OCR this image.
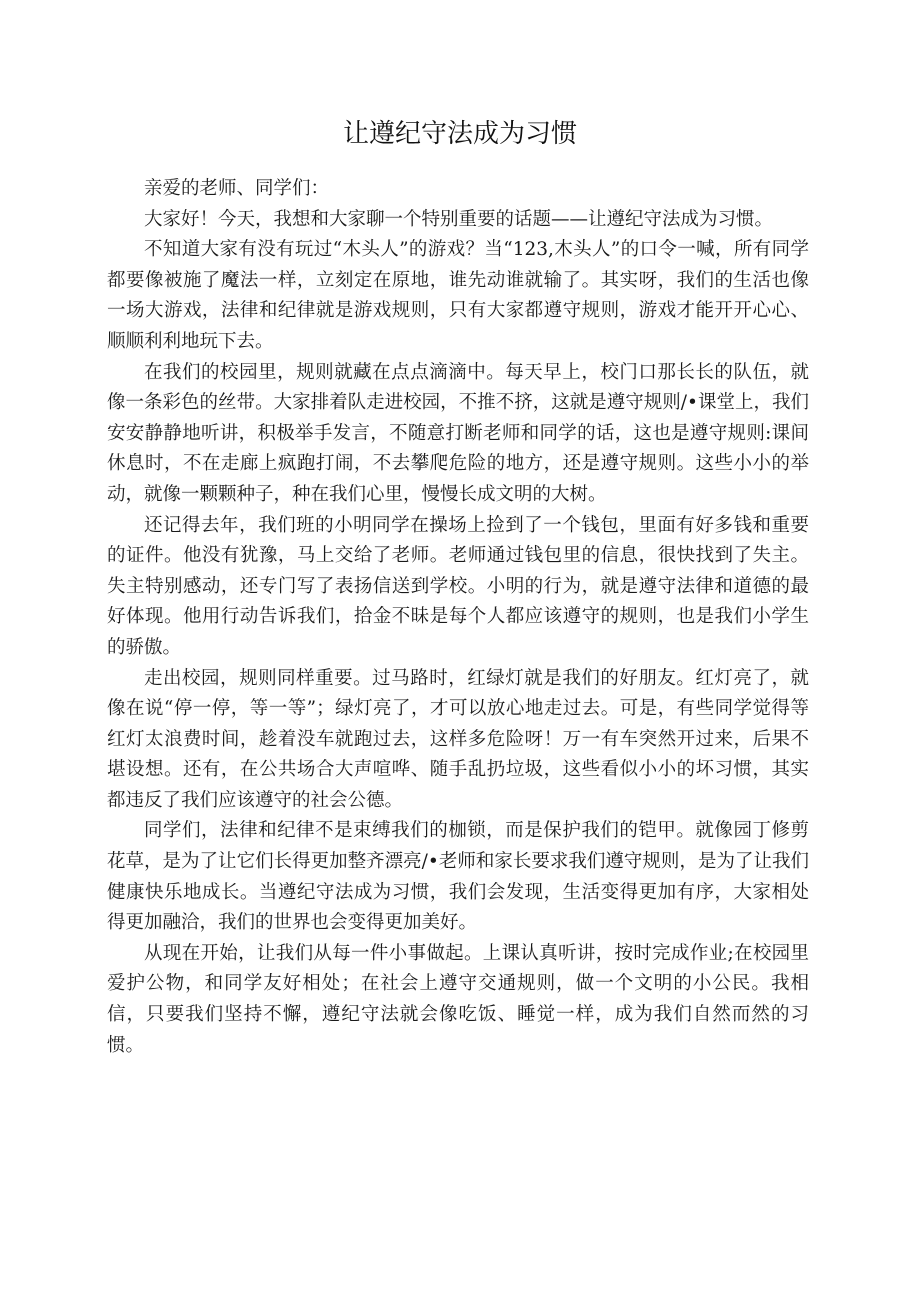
让遵纪守法成为习惯

亲爱的老师、同学们：

大家好！今天，我想和大家聊一个特别重要的话题——让遵纪守法成为习惯。

不知道大家有没有玩过“木头人”的游戏？当“123,木头人”的口令一喊，所有同学都要像被施了魔法一样，立刻定在原地，谁先动谁就输了。其实呀，我们的生活也像一场大游戏，法律和纪律就是游戏规则，只有大家都遵守规则，游戏才能开开心心、顺顺利利地玩下去。

在我们的校园里，规则就藏在点点滴滴中。每天早上，校门口那长长的队伍，就像一条彩色的丝带。大家排着队走进校园，不推不挤，这就是遵守规则/•课堂上，我们安安静静地听讲，积极举手发言，不随意打断老师和同学的话，这也是遵守规则:课间休息时，不在走廊上疯跑打闹，不去攀爬危险的地方，还是遵守规则。这些小小的举动，就像一颗颗种子，种在我们心里，慢慢长成文明的大树。

还记得去年，我们班的小明同学在操场上捡到了一个钱包，里面有好多钱和重要的证件。他没有犹豫，马上交给了老师。老师通过钱包里的信息，很快找到了失主。失主特别感动，还专门写了表扬信送到学校。小明的行为，就是遵守法律和道德的最好体现。他用行动告诉我们，拾金不昧是每个人都应该遵守的规则，也是我们小学生的骄傲。

走出校园，规则同样重要。过马路时，红绿灯就是我们的好朋友。红灯亮了，就像在说“停一停，等一等”；绿灯亮了，才可以放心地走过去。可是，有些同学觉得等红灯太浪费时间，趁着没车就跑过去，这样多危险呀！万一有车突然开过来，后果不堪设想。还有，在公共场合大声喧哗、随手乱扔垃圾，这些看似小小的坏习惯，其实都违反了我们应该遵守的社会公德。

同学们，法律和纪律不是束缚我们的枷锁，而是保护我们的铠甲。就像园丁修剪花草，是为了让它们长得更加整齐漂亮/•老师和家长要求我们遵守规则，是为了让我们健康快乐地成长。当遵纪守法成为习惯，我们会发现，生活变得更加有序，大家相处得更加融洽，我们的世界也会变得更加美好。

从现在开始，让我们从每一件小事做起。上课认真听讲，按时完成作业;在校园里爱护公物，和同学友好相处；在社会上遵守交通规则，做一个文明的小公民。我相信，只要我们坚持不懈，遵纪守法就会像吃饭、睡觉一样，成为我们自然而然的习惯。
